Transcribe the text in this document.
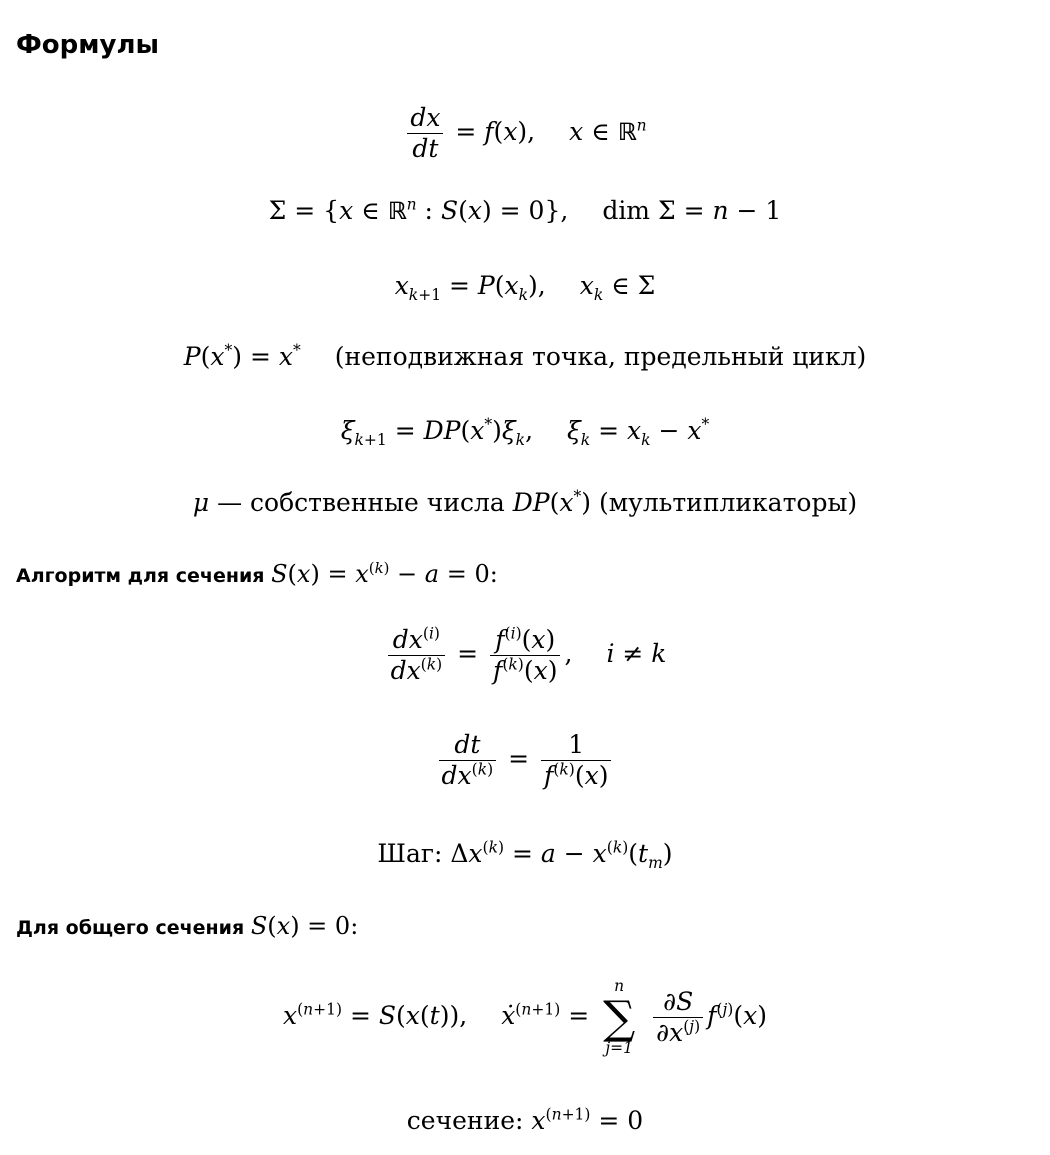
Формулы
$\frac{dx}{dt} = f(x)$, x ∈ ℝ$^n$
Σ = {x ∈ ℝ$^n$ : S(x) = 0}, dim Σ = n − 1
$x_{k+1} = P(x_k)$, $x_k$ ∈ Σ
P(x*) = x* (неподвижная точка, предельный цикл)
$\xi_{k+1} = DP(x^*)\xi_k$, $\xi_k = x_k - x^*$
μ — собственные числа DP(x*) (мультипликаторы)
Алгоритм для сечения $S(x) = x^{(k)} - a = 0$:
$\frac{dx^{(i)}}{dx^{(k)}} = \frac{f^{(i)}(x)}{f^{(k)}(x)}$ , i ≠ k
$\frac{dt}{dx^{(k)}} = \frac{1}{f^{(k)}(x)}$
Шаг: $\Delta x^{(k)} = a - x^{(k)}(t_m)$
Для общего сечения S(x) = 0:
$x^{(n+1)} = S(x(t))$, ẋ$^{(n+1)}$ =
n
∑
j=1
$\frac{\partial S}{\partial x^{(j)}} f^{(j)}(x)$
сечение: $x^{(n+1)} = 0$
